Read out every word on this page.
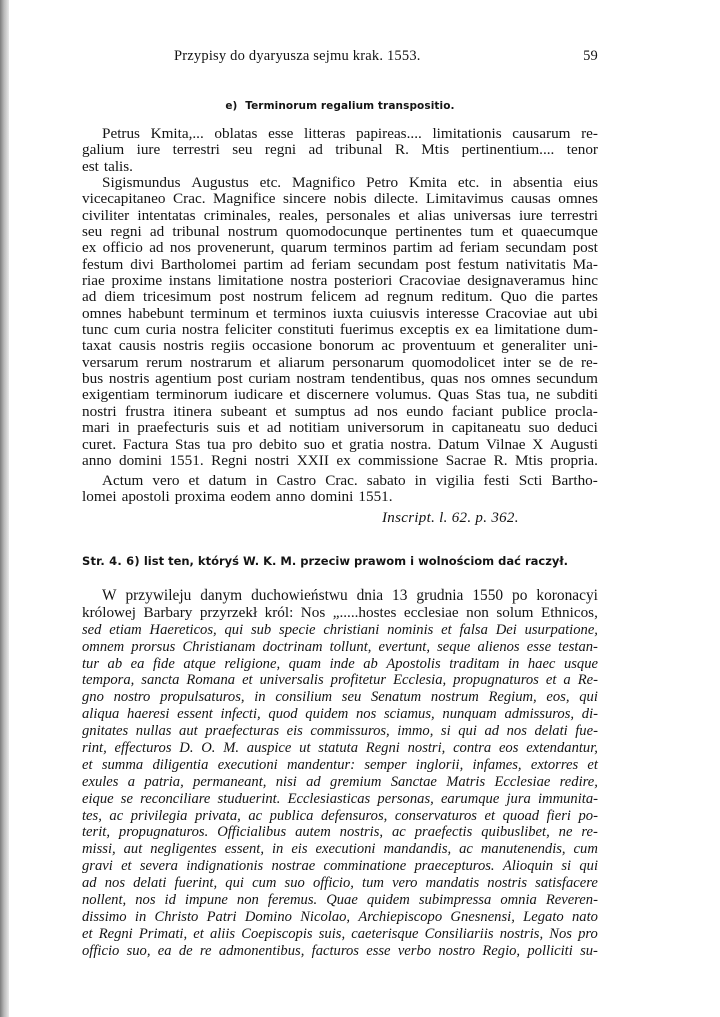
Przypisy do dyaryusza sejmu krak. 1553.	59
e) Terminorum regalium transpositio.
Petrus Kmita,... oblatas esse litteras papireas.... limitationis causarum re-
galium iure terrestri seu regni ad tribunal R. Mtis pertinentium.... tenor
est talis.
Sigismundus Augustus etc. Magnifico Petro Kmita etc. in absentia eius
vicecapitaneo Crac. Magnifice sincere nobis dilecte. Limitavimus causas omnes
civiliter intentatas criminales, reales, personales et alias universas iure terrestri
seu regni ad tribunal nostrum quomodocunque pertinentes tum et quaecumque
ex officio ad nos provenerunt, quarum terminos partim ad feriam secundam post
festum divi Bartholomei partim ad feriam secundam post festum nativitatis Ma-
riae proxime instans limitatione nostra posteriori Cracoviae designaveramus hinc
ad diem tricesimum post nostrum felicem ad regnum reditum. Quo die partes
omnes habebunt terminum et terminos iuxta cuiusvis interesse Cracoviae aut ubi
tunc cum curia nostra feliciter constituti fuerimus exceptis ex ea limitatione dum-
taxat causis nostris regiis occasione bonorum ac proventuum et generaliter uni-
versarum rerum nostrarum et aliarum personarum quomodolicet inter se de re-
bus nostris agentium post curiam nostram tendentibus, quas nos omnes secundum
exigentiam terminorum iudicare et discernere volumus. Quas Stas tua, ne subditi
nostri frustra itinera subeant et sumptus ad nos eundo faciant publice procla-
mari in praefecturis suis et ad notitiam universorum in capitaneatu suo deduci
curet. Factura Stas tua pro debito suo et gratia nostra. Datum Vilnae X Augusti
anno domini 1551. Regni nostri XXII ex commissione Sacrae R. Mtis propria.
Actum vero et datum in Castro Crac. sabato in vigilia festi Scti Bartho-
lomei apostoli proxima eodem anno domini 1551.
Inscript. l. 62. p. 362.
Str. 4. 6) list ten, któryś W. K. M. przeciw prawom i wolnościom dać raczył.
W przywileju danym duchowieństwu dnia 13 grudnia 1550 po koronacyi
królowej Barbary przyrzekł król: Nos „.....hostes ecclesiae non solum Ethnicos,
sed etiam Haereticos, qui sub specie christiani nominis et falsa Dei usurpatione,
omnem prorsus Christianam doctrinam tollunt, evertunt, seque alienos esse testan-
tur ab ea fide atque religione, quam inde ab Apostolis traditam in haec usque
tempora, sancta Romana et universalis profitetur Ecclesia, propugnaturos et a Re-
gno nostro propulsaturos, in consilium seu Senatum nostrum Regium, eos, qui
aliqua haeresi essent infecti, quod quidem nos sciamus, nunquam admissuros, di-
gnitates nullas aut praefecturas eis commissuros, immo, si qui ad nos delati fue-
rint, effecturos D. O. M. auspice ut statuta Regni nostri, contra eos extendantur,
et summa diligentia executioni mandentur: semper inglorii, infames, extorres et
exules a patria, permaneant, nisi ad gremium Sanctae Matris Ecclesiae redire,
eique se reconciliare studuerint. Ecclesiasticas personas, earumque jura immunita-
tes, ac privilegia privata, ac publica defensuros, conservaturos et quoad fieri po-
terit, propugnaturos. Officialibus autem nostris, ac praefectis quibuslibet, ne re-
missi, aut negligentes essent, in eis executioni mandandis, ac manutenendis, cum
gravi et severa indignationis nostrae comminatione praecepturos. Alioquin si qui
ad nos delati fuerint, qui cum suo officio, tum vero mandatis nostris satisfacere
nollent, nos id impune non feremus. Quae quidem subimpressa omnia Reveren-
dissimo in Christo Patri Domino Nicolao, Archiepiscopo Gnesnensi, Legato nato
et Regni Primati, et aliis Coepiscopis suis, caeterisque Consiliariis nostris, Nos pro
officio suo, ea de re admonentibus, facturos esse verbo nostro Regio, polliciti su-
